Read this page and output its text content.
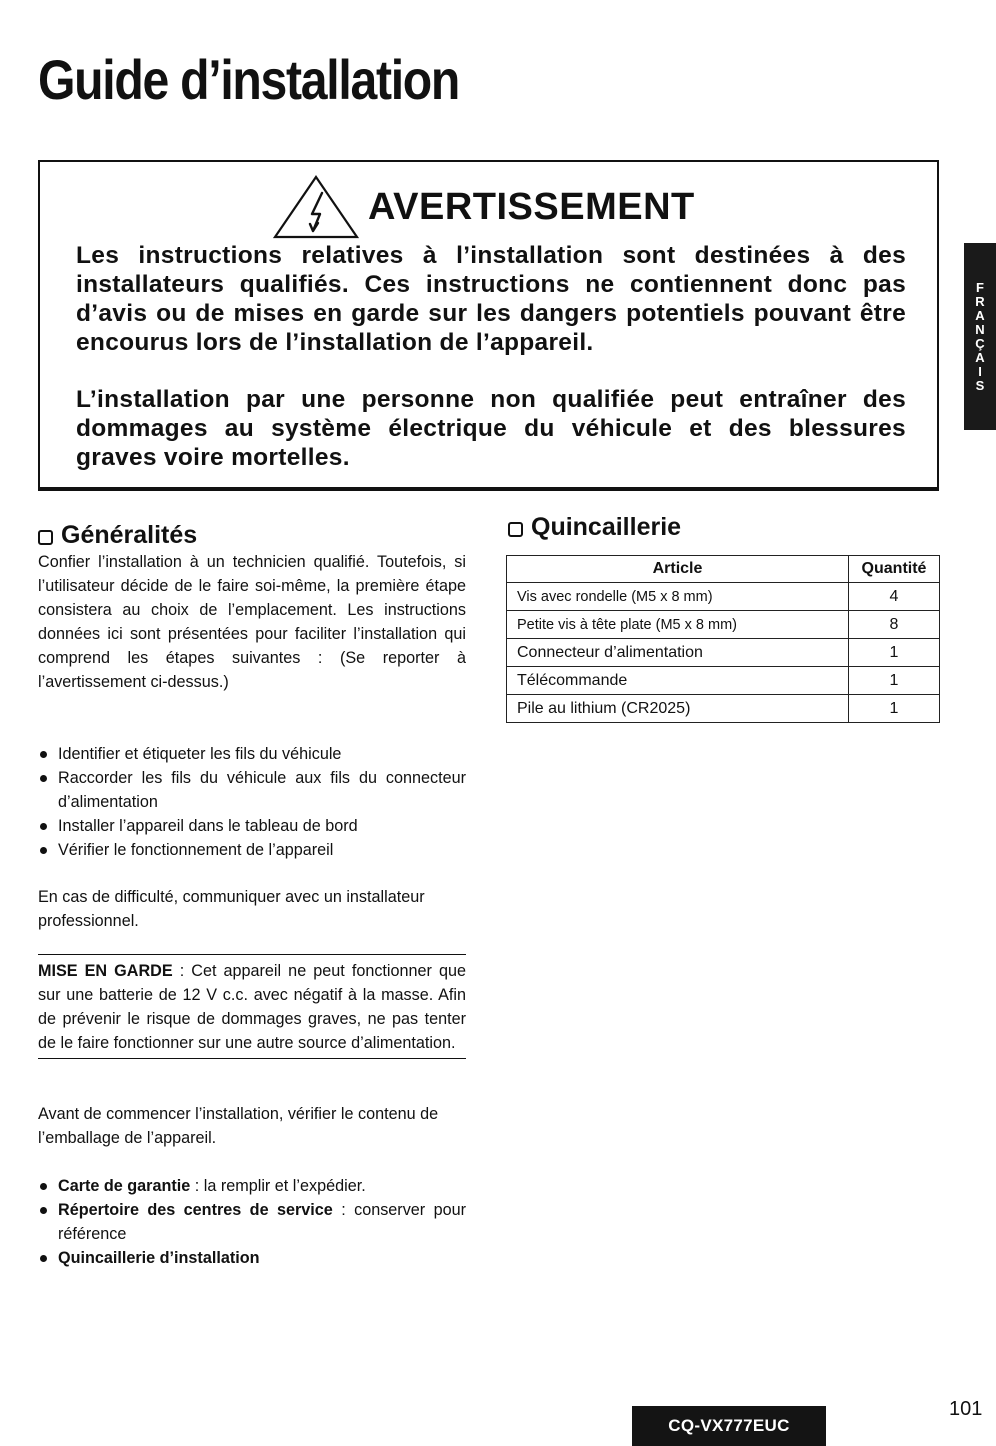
Guide d’installation
AVERTISSEMENT

Les instructions relatives à l’installation sont destinées à des installateurs qualifiés. Ces instructions ne contiennent donc pas d’avis ou de mises en garde sur les dangers potentiels pouvant être encourus lors de l’installation de l’appareil.

L’installation par une personne non qualifiée peut entraîner des dommages au système électrique du véhicule et des blessures graves voire mortelles.

F
R
A
N
Ç
A
I
S
Généralités

Confier l’installation à un technicien qualifié. Toutefois, si l’utilisateur décide de le faire soi-même, la première étape consistera au choix de l’emplacement. Les instructions données ici sont présentées pour faciliter l’installation qui comprend les étapes suivantes : (Se reporter à l’avertissement ci-dessus.)

Identifier et étiqueter les fils du véhicule
Raccorder les fils du véhicule aux fils du connecteur d’alimentation
Installer l’appareil dans le tableau de bord
Vérifier le fonctionnement de l’appareil

En cas de difficulté, communiquer avec un installateur professionnel.

MISE EN GARDE : Cet appareil ne peut fonctionner que sur une batterie de 12 V c.c. avec négatif à la masse. Afin de prévenir le risque de dommages graves, ne pas tenter de le faire fonctionner sur une autre source d’alimentation.

Avant de commencer l’installation, vérifier le contenu de l’emballage de l’appareil.

Carte de garantie : la remplir et l’expédier.
Répertoire des centres de service : conserver pour référence
Quincaillerie d’installation
Quincaillerie
Article	Quantité
Vis avec rondelle (M5 x 8 mm)	4
Petite vis à tête plate (M5 x 8 mm)	8
Connecteur d’alimentation	1
Télécommande	1
Pile au lithium (CR2025)	1
CQ-VX777EUC
101
